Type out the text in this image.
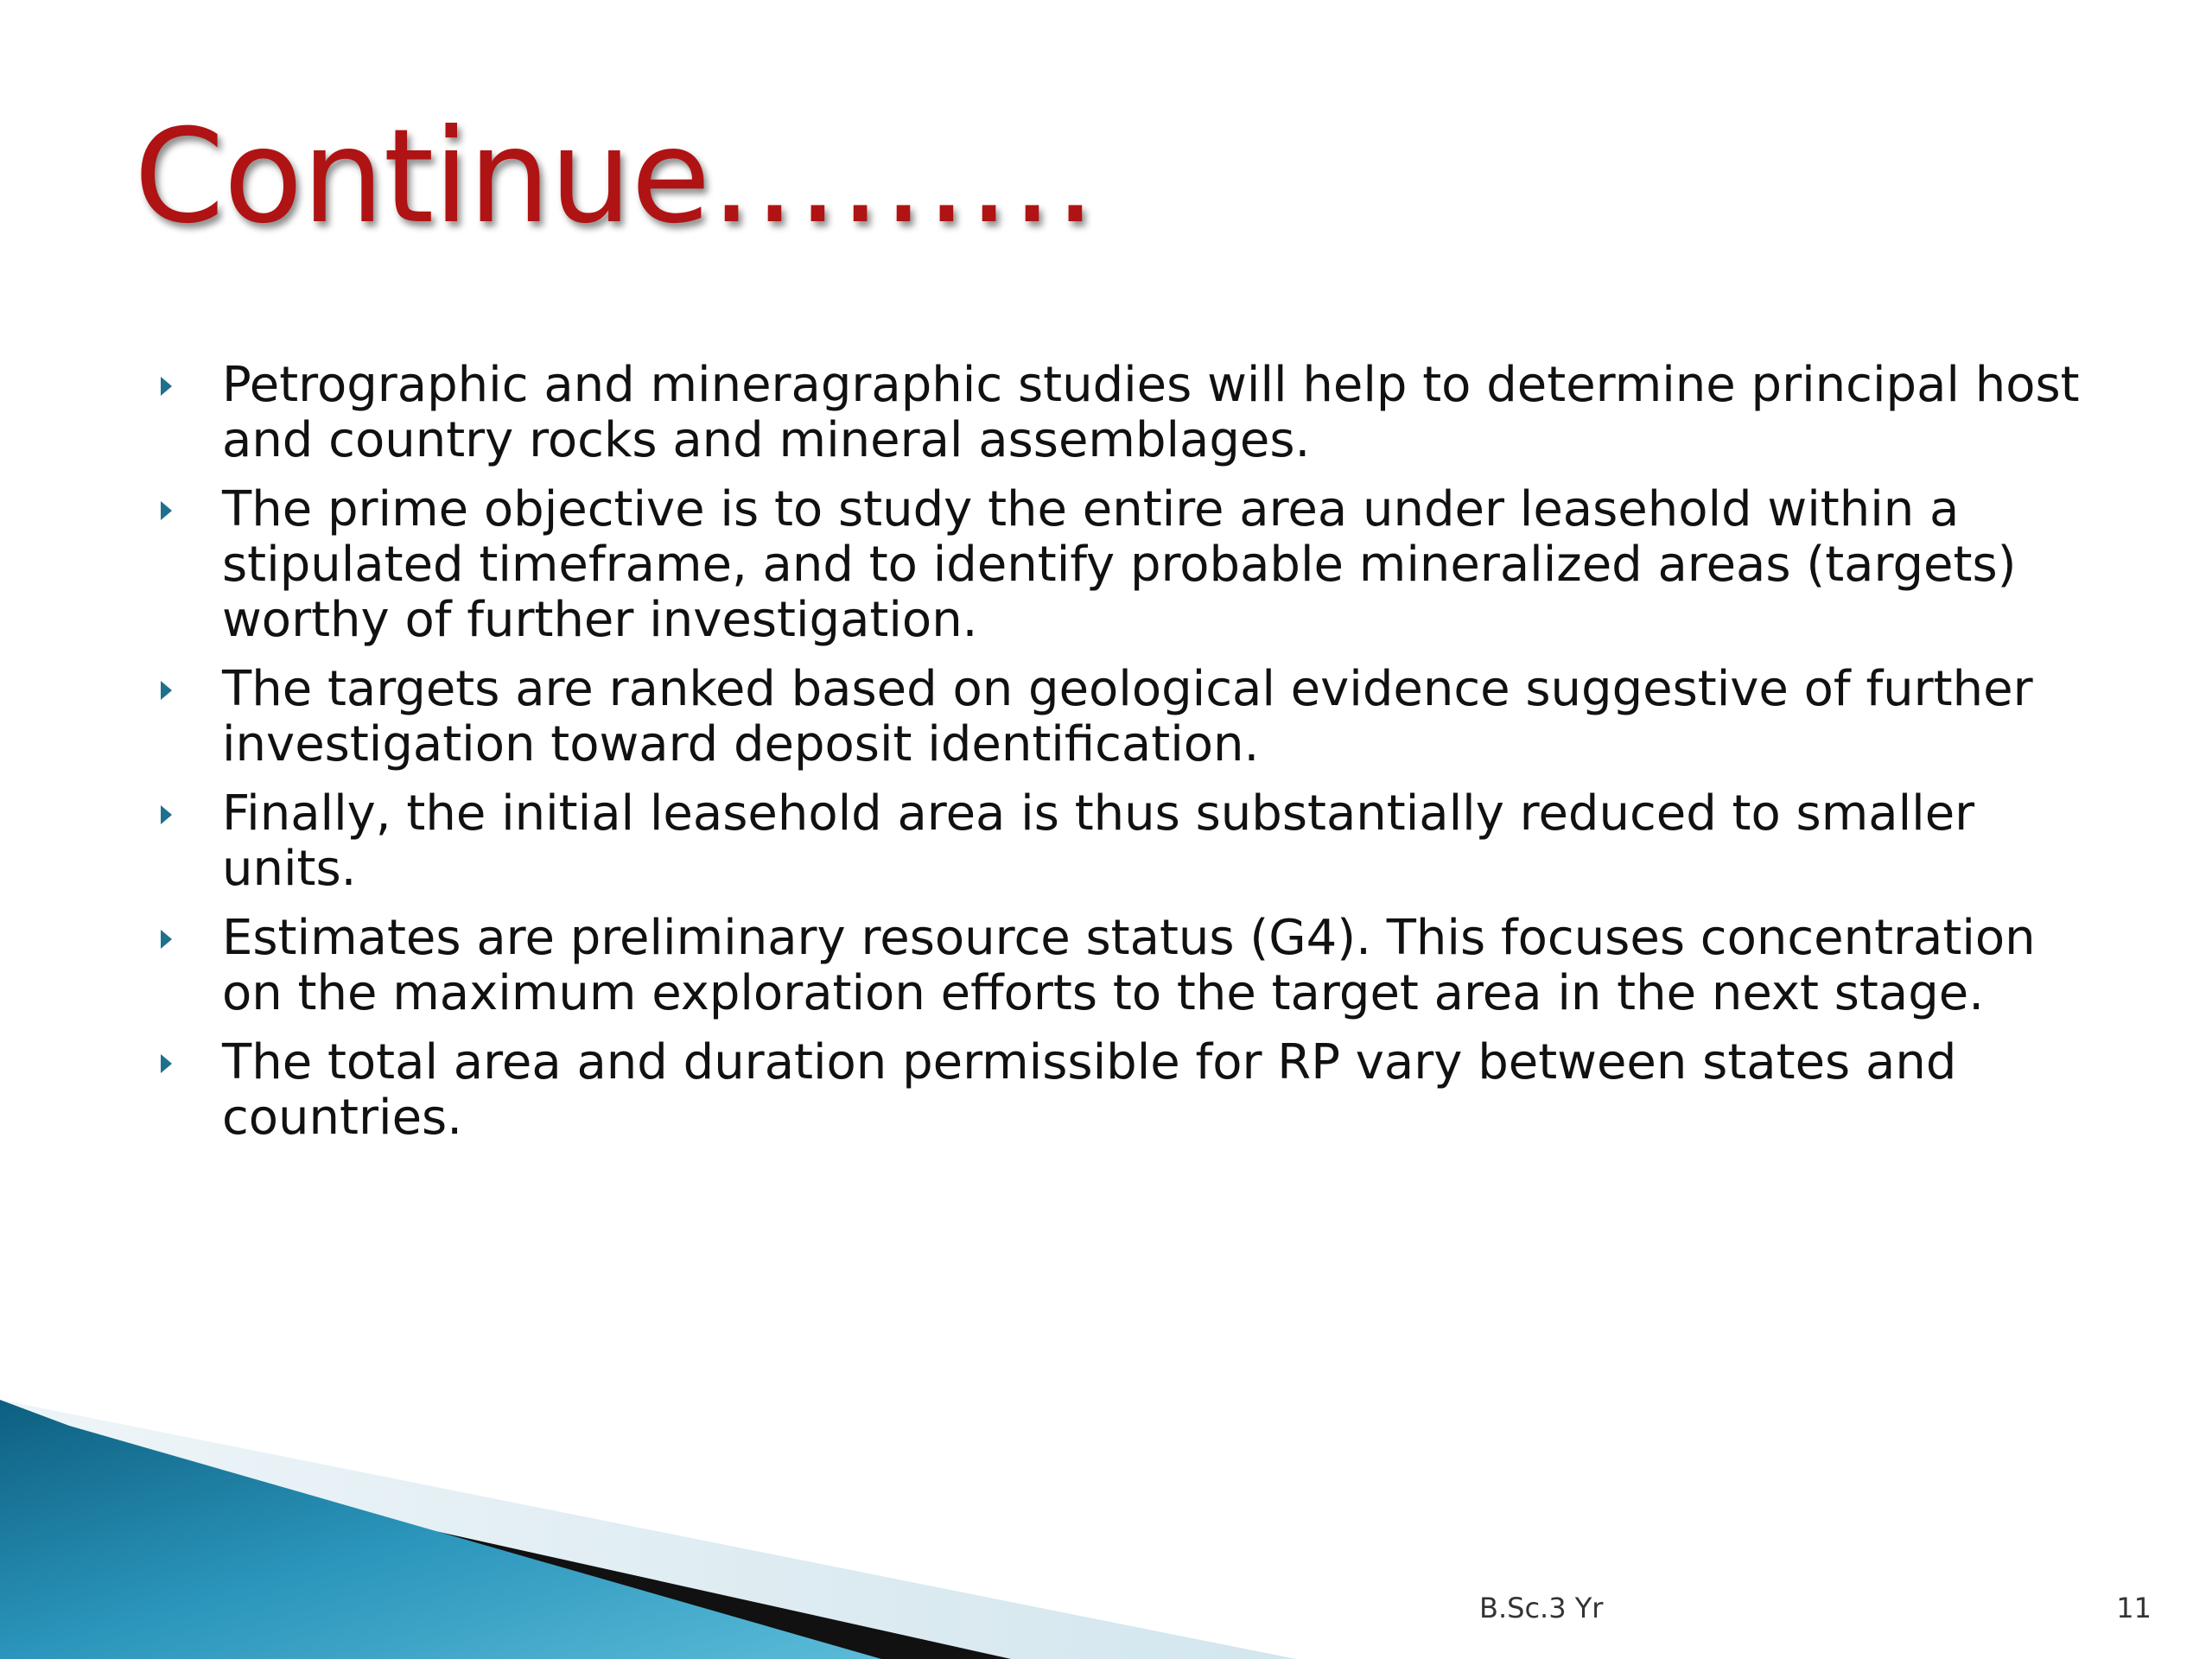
Continue………
Petrographic and mineragraphic studies will help to determine principal host and country rocks and mineral assemblages.
The prime objective is to study the entire area under leasehold within a stipulated timeframe, and to identify probable mineralized areas (targets) worthy of further investigation.
The targets are ranked based on geological evidence suggestive of further investigation toward deposit identification.
Finally, the initial leasehold area is thus substantially reduced to smaller units.
Estimates are preliminary resource status (G4). This focuses concentration on the maximum exploration efforts to the target area in the next stage.
The total area and duration permissible for RP vary between states and countries.
B.Sc.3 Yr	11
